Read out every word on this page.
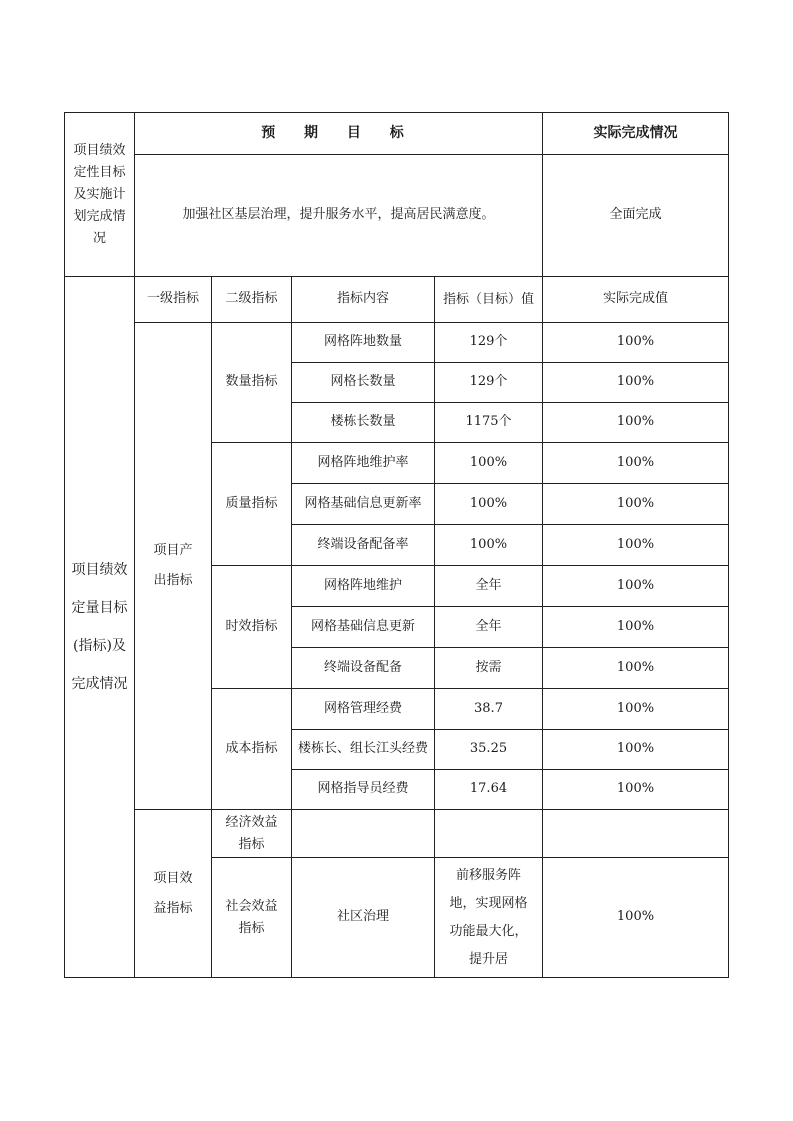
项目绩效定性目标及实施计划完成情况	预 期 目 标				实际完成情况
	加强社区基层治理，提升服务水平，提高居民满意度。				全面完成
项目绩效定量目标(指标)及完成情况	一级指标	二级指标	指标内容	指标（目标）值	实际完成值
	项目产出指标	数量指标	网格阵地数量	129个	100%
			网格长数量	129个	100%
			楼栋长数量	1175个	100%
		质量指标	网格阵地维护率	100%	100%
			网格基础信息更新率	100%	100%
			终端设备配备率	100%	100%
		时效指标	网格阵地维护	全年	100%
			网格基础信息更新	全年	100%
			终端设备配备	按需	100%
		成本指标	网格管理经费	38.7	100%
			楼栋长、组长江头经费	35.25	100%
			网格指导员经费	17.64	100%
	项目效益指标	经济效益指标			
		社会效益指标	社区治理	前移服务阵地，实现网格功能最大化，提升居	100%
